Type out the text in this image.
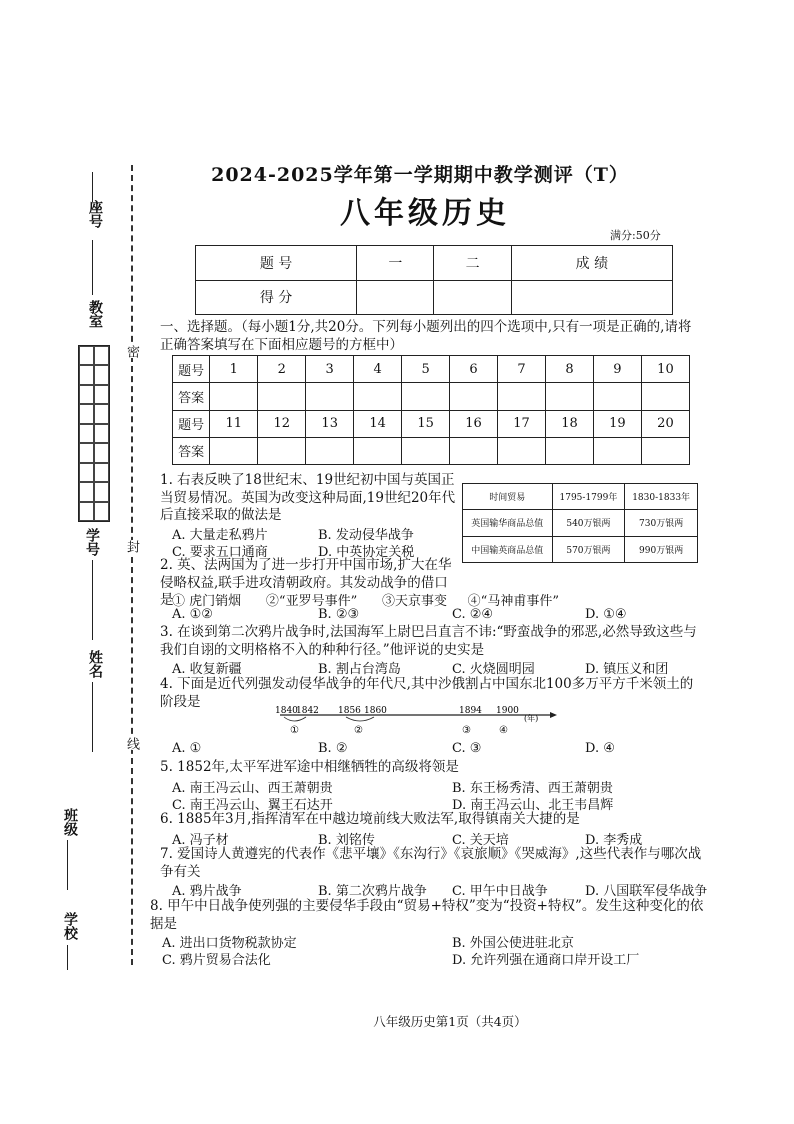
座号
教室
学号
姓名
班级
学校
密
封
线
2024-2025学年第一学期期中教学测评（T）
八年级历史
满分:50分
题 号	一	二	成 绩
得 分			
一、选择题。（每小题1分,共20分。下列每小题列出的四个选项中,只有一项是正确的,请将正确答案填写在下面相应题号的方框中）
题号	1	2	3	4	5	6	7	8	9	10
答案										
题号	11	12	13	14	15	16	17	18	19	20
答案										
1. 右表反映了18世纪末、19世纪初中国与英国正当贸易情况。英国为改变这种局面,19世纪20年代后直接采取的做法是
A. 大量走私鸦片	B. 发动侵华战争
C. 要求五口通商	D. 中英协定关税
时间贸易	1795-1799年	1830-1833年
英国输华商品总值	540万银两	730万银两
中国输英商品总值	570万银两	990万银两
2. 英、法两国为了进一步打开中国市场,扩大在华侵略权益,联手进攻清朝政府。其发动战争的借口是
① 虎门销烟      ②“亚罗号事件”      ③天京事变     ④“马神甫事件”
A. ①②	B. ②③	C. ②④	D. ①④
3. 在谈到第二次鸦片战争时,法国海军上尉巴吕直言不讳:“野蛮战争的邪恶,必然导致这些与我们自诩的文明格格不入的种种行径。”他评说的史实是
A. 收复新疆	B. 割占台湾岛	C. 火烧圆明园	D. 镇压义和团
4. 下面是近代列强发动侵华战争的年代尺,其中沙俄割占中国东北100多万平方千米领土的阶段是
1840
1842 1856 1860	1894 1900
(年)
①	②	③	④
A. ①	B. ②	C. ③	D. ④
5. 1852年,太平军进军途中相继牺牲的高级将领是
A. 南王冯云山、西王萧朝贵	B. 东王杨秀清、西王萧朝贵
C. 南王冯云山、翼王石达开	D. 南王冯云山、北王韦昌辉
6. 1885年3月,指挥清军在中越边境前线大败法军,取得镇南关大捷的是
A. 冯子材	B. 刘铭传	C. 关天培	D. 李秀成
7. 爱国诗人黄遵宪的代表作《悲平壤》《东沟行》《哀旅顺》《哭威海》,这些代表作与哪次战争有关
A. 鸦片战争	B. 第二次鸦片战争 C. 甲午中日战争	D. 八国联军侵华战争
8. 甲午中日战争使列强的主要侵华手段由“贸易+特权”变为“投资+特权”。发生这种变化的依据是
A. 进出口货物税款协定	B. 外国公使进驻北京
C. 鸦片贸易合法化	D. 允许列强在通商口岸开设工厂
八年级历史第1页（共4页）
